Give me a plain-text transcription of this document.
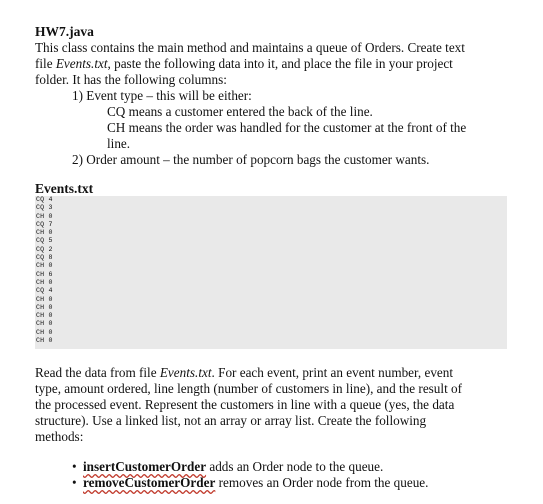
HW7.java
This class contains the main method and maintains a queue of Orders. Create text
file Events.txt, paste the following data into it, and place the file in your project
folder. It has the following columns:
1) Event type – this will be either:
CQ means a customer entered the back of the line.
CH means the order was handled for the customer at the front of the
line.
2) Order amount – the number of popcorn bags the customer wants.
Events.txt
CQ 4
CQ 3
CH 0
CQ 7
CH 0
CQ 5
CQ 2
CQ 8
CH 0
CH 6
CH 0
CQ 4
CH 0
CH 0
CH 0
CH 0
CH 0
CH 0
Read the data from file Events.txt. For each event, print an event number, event
type, amount ordered, line length (number of customers in line), and the result of
the processed event. Represent the customers in line with a queue (yes, the data
structure). Use a linked list, not an array or array list. Create the following
methods:
• insertCustomerOrder adds an Order node to the queue.
• removeCustomerOrder removes an Order node from the queue.
